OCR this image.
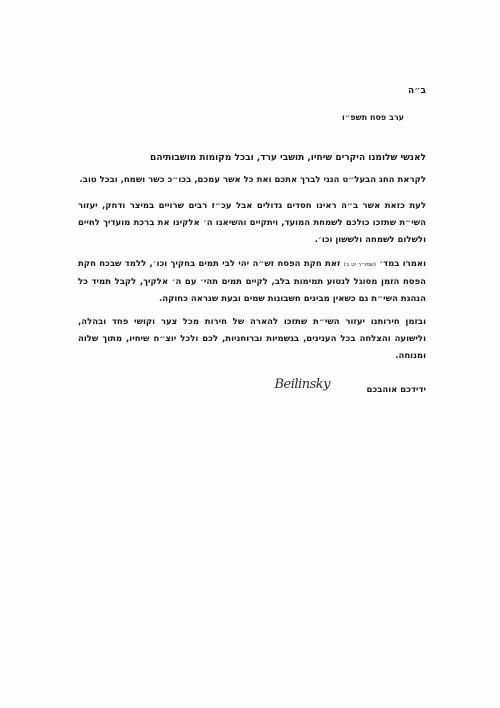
ב״ה
ערב פסח תשפ״ו
לאנשי שלומנו היקרים שיחיו, תושבי ערד, ובכל מקומות מושבותיהם
לקראת החג הבעל״ט הנני לברך אתכם ואת כל אשר עמכם, בכו״כ כשר ושמח, ובכל טוב.
לעת כזאת אשר ב״ה ראינו חסדים גדולים אבל עכ״ז רבים שרויים במיצר ודחק, יעזור השי״ת שתזכו כולכם לשמחת המועד, ויתקיים והשיאנו ה׳ אלקינו את ברכת מועדיך לחיים ולשלום לשמחה ולששון וכו׳.
ואמרו במד׳ (שמו״ר יט ב) זאת חקת הפסח זש״ה יהי לבי תמים בחקיך וכו׳, ללמד שבכח חקת הפסח הזמן מסוגל לנטוע תמימות בלב, לקיים תמים תהי׳ עם ה׳ אלקיך, לקבל תמיד כל הנהגת השי״ת גם כשאין מבינים חשבונות שמים ובעת שנראה כחוקה.
ובזמן חירותנו יעזור השי״ת שתזכו להארה של חירות מכל צער וקושי פחד ובהלה, ולישועה והצלחה בכל הענינים, בגשמיות וברוחניות, לכם ולכל יוצ״ח שיחיו, מתוך שלוה ומנוחה.
ידידכם אוהבכם
Beilinsky
